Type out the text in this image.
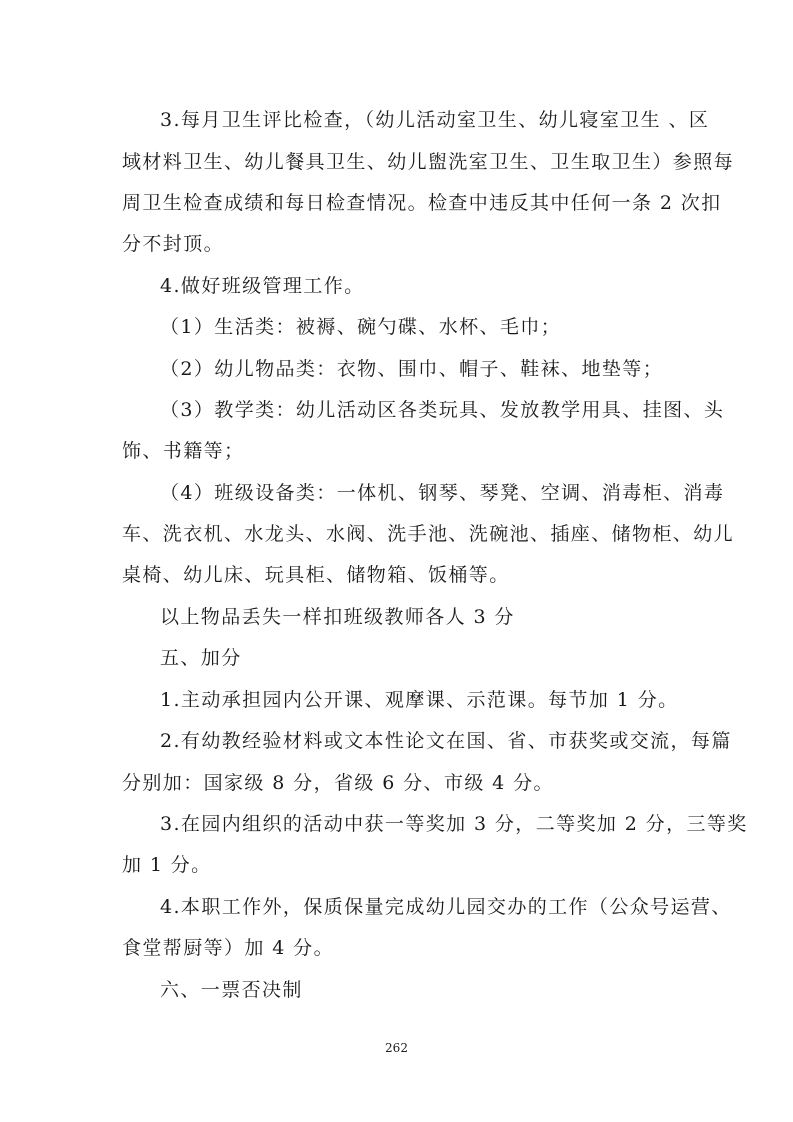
3.每月卫生评比检查，（幼儿活动室卫生、幼儿寝室卫生 、区
域材料卫生、幼儿餐具卫生、幼儿盥洗室卫生、卫生取卫生）参照每
周卫生检查成绩和每日检查情况。检查中违反其中任何一条 2 次扣
分不封顶。
4.做好班级管理工作。
（1）生活类：被褥、碗勺碟、水杯、毛巾；
（2）幼儿物品类：衣物、围巾、帽子、鞋袜、地垫等；
（3）教学类：幼儿活动区各类玩具、发放教学用具、挂图、头
饰、书籍等；
（4）班级设备类：一体机、钢琴、琴凳、空调、消毒柜、消毒
车、洗衣机、水龙头、水阀、洗手池、洗碗池、插座、储物柜、幼儿
桌椅、幼儿床、玩具柜、储物箱、饭桶等。
以上物品丢失一样扣班级教师各人 3 分
五、加分
1.主动承担园内公开课、观摩课、示范课。每节加 1 分。
2.有幼教经验材料或文本性论文在国、省、市获奖或交流，每篇
分别加：国家级 8 分，省级 6 分、市级 4 分。
3.在园内组织的活动中获一等奖加 3 分，二等奖加 2 分，三等奖
加 1 分。
4.本职工作外，保质保量完成幼儿园交办的工作（公众号运营、
食堂帮厨等）加 4 分。
六、一票否决制
262
